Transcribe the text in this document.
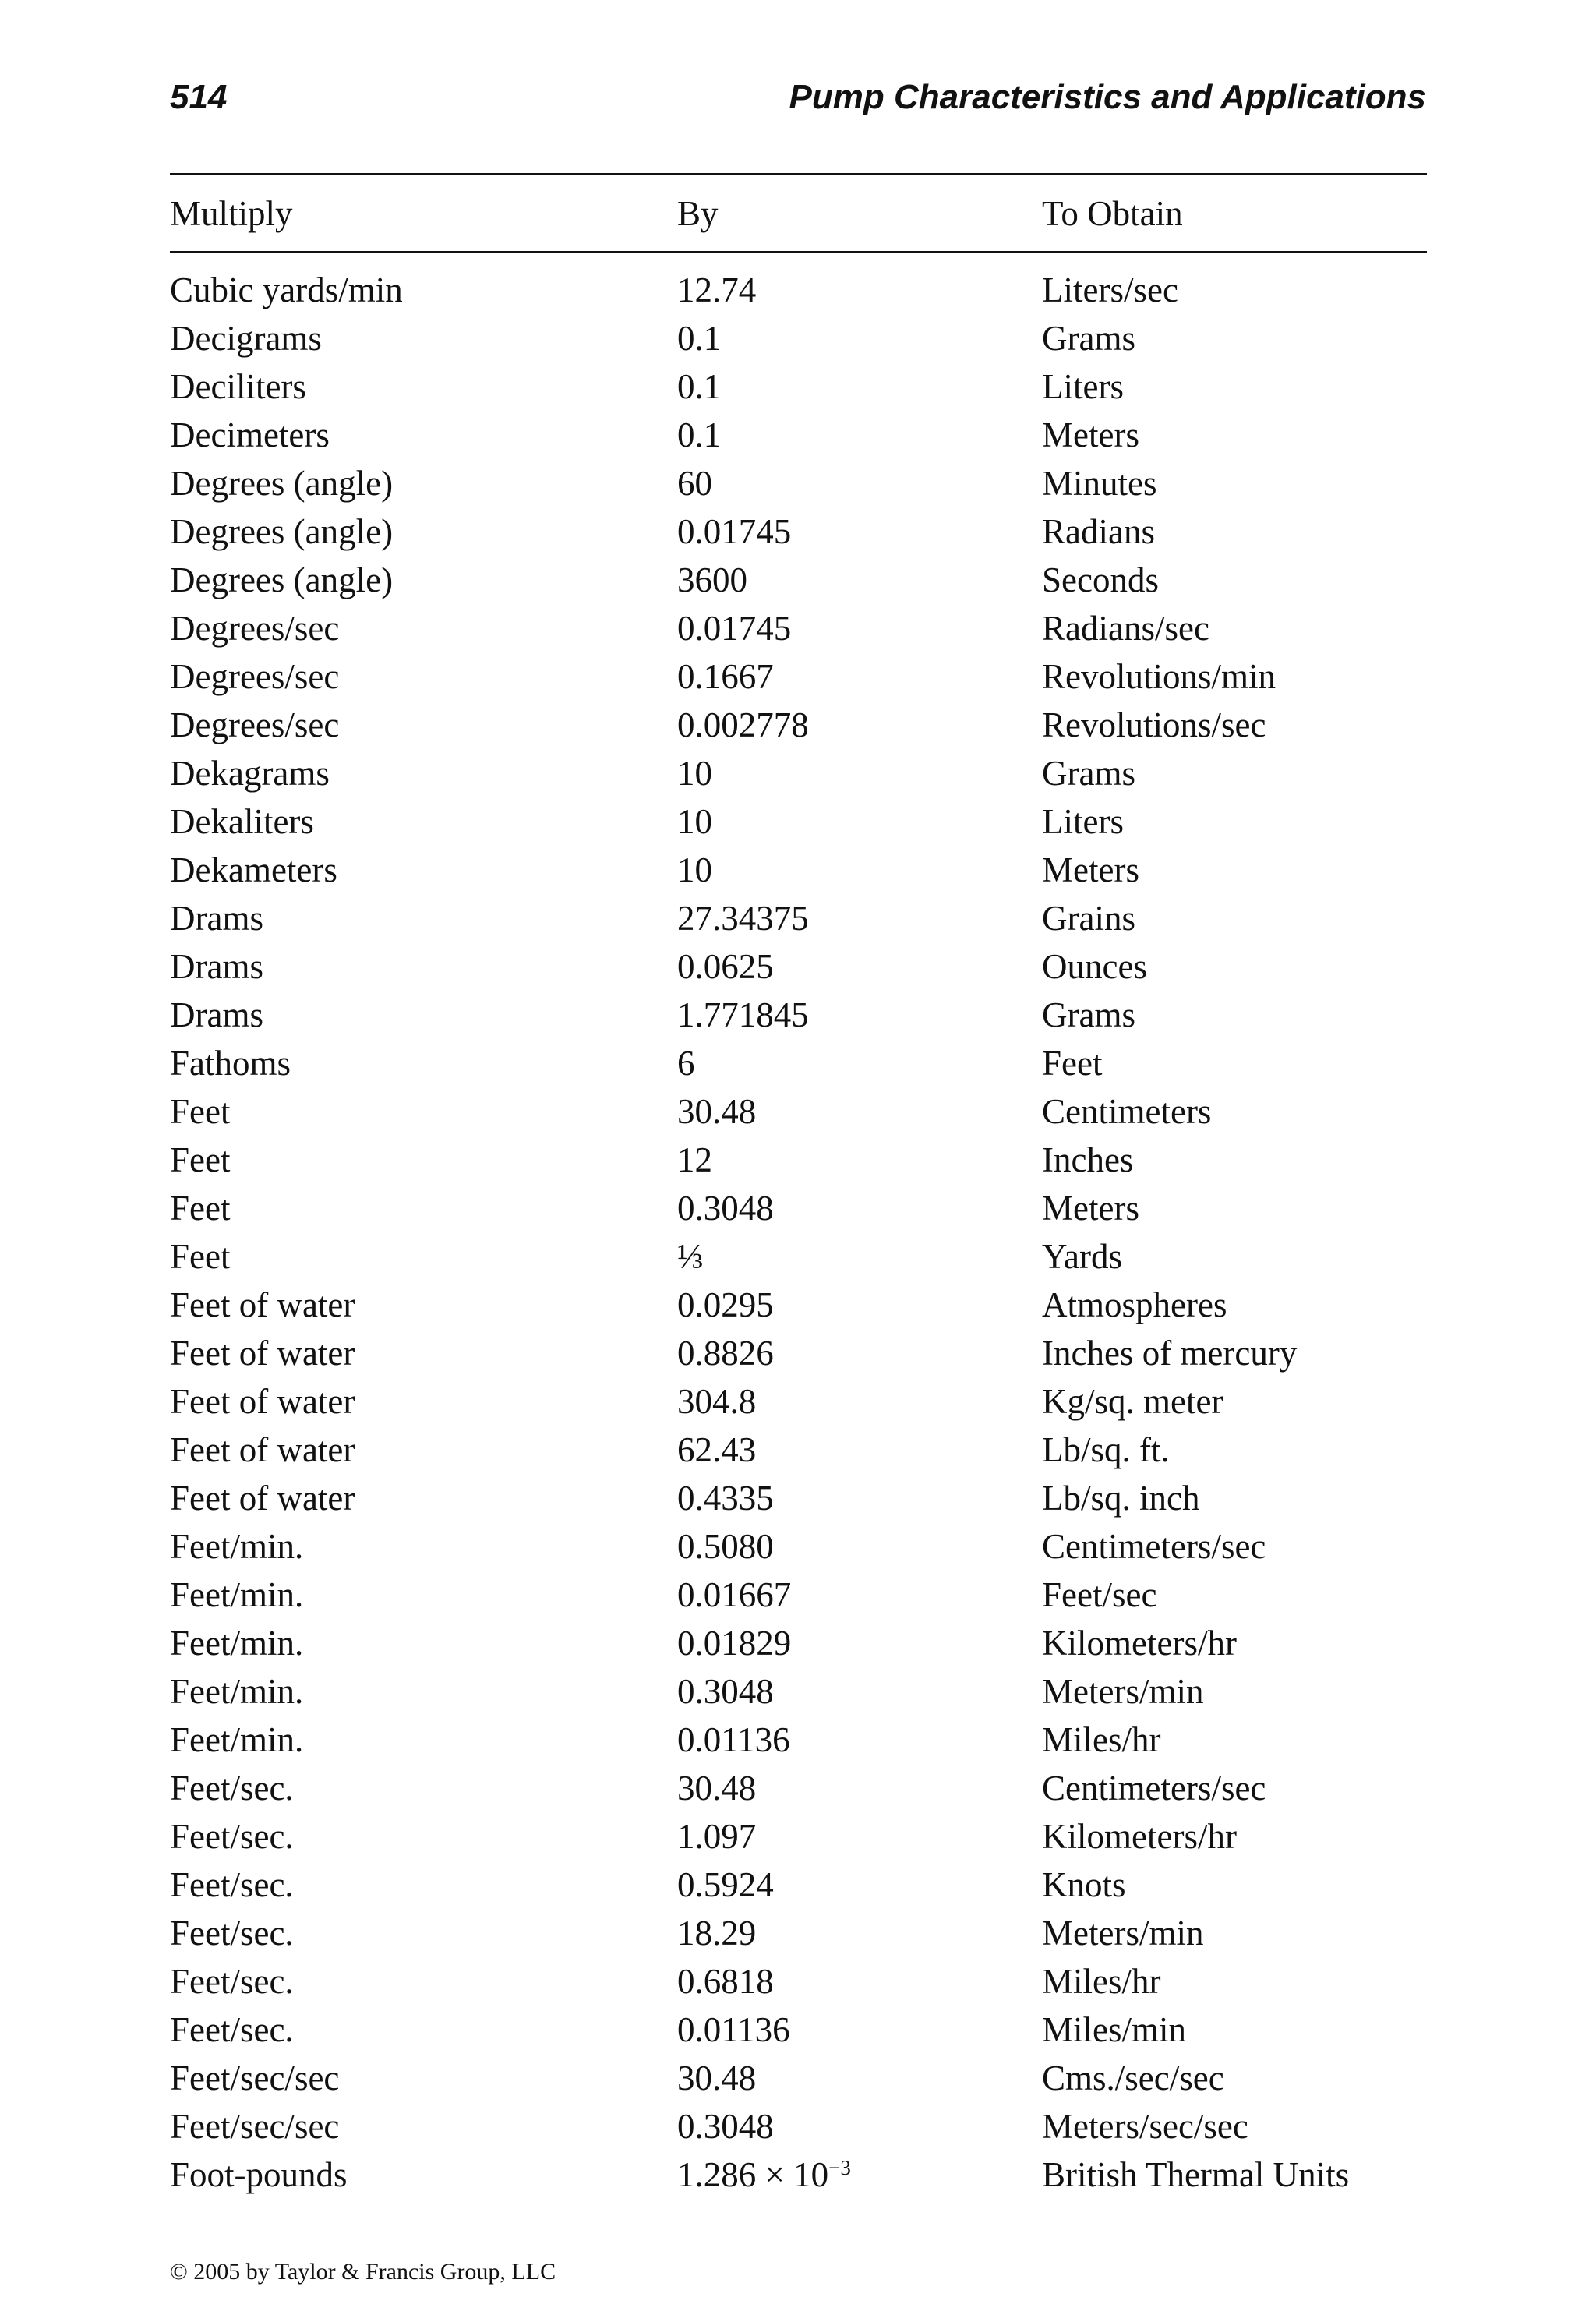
514	Pump Characteristics and Applications
Multiply	By	To Obtain
Cubic yards/min	12.74	Liters/sec
Decigrams	0.1	Grams
Deciliters	0.1	Liters
Decimeters	0.1	Meters
Degrees (angle)	60	Minutes
Degrees (angle)	0.01745	Radians
Degrees (angle)	3600	Seconds
Degrees/sec	0.01745	Radians/sec
Degrees/sec	0.1667	Revolutions/min
Degrees/sec	0.002778	Revolutions/sec
Dekagrams	10	Grams
Dekaliters	10	Liters
Dekameters	10	Meters
Drams	27.34375	Grains
Drams	0.0625	Ounces
Drams	1.771845	Grams
Fathoms	6	Feet
Feet	30.48	Centimeters
Feet	12	Inches
Feet	0.3048	Meters
Feet	⅓	Yards
Feet of water	0.0295	Atmospheres
Feet of water	0.8826	Inches of mercury
Feet of water	304.8	Kg/sq. meter
Feet of water	62.43	Lb/sq. ft.
Feet of water	0.4335	Lb/sq. inch
Feet/min.	0.5080	Centimeters/sec
Feet/min.	0.01667	Feet/sec
Feet/min.	0.01829	Kilometers/hr
Feet/min.	0.3048	Meters/min
Feet/min.	0.01136	Miles/hr
Feet/sec.	30.48	Centimeters/sec
Feet/sec.	1.097	Kilometers/hr
Feet/sec.	0.5924	Knots
Feet/sec.	18.29	Meters/min
Feet/sec.	0.6818	Miles/hr
Feet/sec.	0.01136	Miles/min
Feet/sec/sec	30.48	Cms./sec/sec
Feet/sec/sec	0.3048	Meters/sec/sec
Foot-pounds	$1.286 \times 10^{-3}$	British Thermal Units
© 2005 by Taylor & Francis Group, LLC
